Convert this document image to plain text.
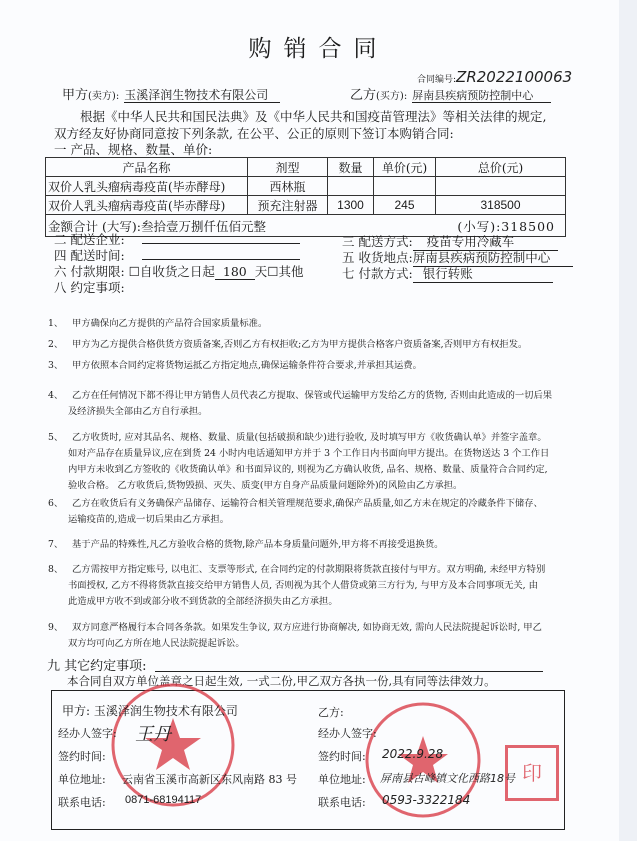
购销合同
合同编号:ZR2022100063
甲方(卖方): 玉溪泽润生物技术有限公司	乙方(买方): 屏南县疾病预防控制中心
根据《中华人民共和国民法典》及《中华人民共和国疫苗管理法》等相关法律的规定,
双方经友好协商同意按下列条款, 在公平、公正的原则下签订本购销合同:
一 产品、规格、数量、单价:
产品名称	剂型	数量	单价(元)	总价(元)
双价人乳头瘤病毒疫苗(毕赤酵母)	西林瓶			
双价人乳头瘤病毒疫苗(毕赤酵母)	预充注射器	1300	245	318500
金额合计 (大写):叁拾壹万捌仟伍佰元整 (小写):318500				
二 配送企业:
四 配送时间:
六 付款期限: ☐自收货之日起 180 天☐其他
八 约定事项:
三 配送方式: 疫苗专用冷藏车
五 收货地点:屏南县疾病预防控制中心
七 付款方式: 银行转账
1、 甲方确保向乙方提供的产品符合国家质量标准。
2、 甲方为乙方提供合格供货方资质备案,否则乙方有权拒收;乙方为甲方提供合格客户资质备案,否则甲方有权拒发。
3、 甲方依照本合同约定将货物运抵乙方指定地点,确保运输条件符合要求,并承担其运费。
4、 乙方在任何情况下都不得让甲方销售人员代表乙方提取、保管或代运输甲方发给乙方的货物, 否则由此造成的一切后果
及经济损失全部由乙方自行承担。
5、 乙方收货时, 应对其品名、规格、数量、质量(包括破损和缺少)进行验收, 及时填写甲方《收货确认单》并签字盖章。
如对产品存在质量异议,应在到货 24 小时内电话通知甲方并于 3 个工作日内书面向甲方提出。在货物送达 3 个工作日
内甲方未收到乙方签收的《收货确认单》和书面异议的, 则视为乙方确认收货, 品名、规格、数量、质量符合合同约定,
验收合格。 乙方收货后,货物毁损、灭失、质变(甲方自身产品质量问题除外)的风险由乙方承担。
6、 乙方在收货后有义务确保产品储存、运输符合相关管理规范要求,确保产品质量,如乙方未在规定的冷藏条件下储存、
运输疫苗的,造成一切后果由乙方承担。
7、 基于产品的特殊性,凡乙方验收合格的货物,除产品本身质量问题外,甲方将不再接受退换货。
8、 乙方需按甲方指定账号, 以电汇、支票等形式, 在合同约定的付款期限将货款直接付与甲方。双方明确, 未经甲方特别
书面授权, 乙方不得将货款直接交给甲方销售人员, 否则视为其个人借贷或第三方行为, 与甲方及本合同事项无关, 由
此造成甲方收不到或部分收不到货款的全部经济损失由乙方承担。
9、 双方同意严格履行本合同各条款。如果发生争议, 双方应进行协商解决, 如协商无效, 需向人民法院提起诉讼时, 甲乙
双方均可向乙方所在地人民法院提起诉讼。
九 其它约定事项:
本合同自双方单位盖章之日起生效, 一式二份,甲乙双方各执一份,具有同等法律效力。
印
甲方: 玉溪泽润生物技术有限公司
经办人签字: 王丹
签约时间:
单位地址: 云南省玉溪市高新区东风南路 83 号
联系电话: 0871-68194117
乙方:
经办人签字:
签约时间: 2022.9.28
单位地址: 屏南县古峰镇文化西路18号
联系电话: 0593-3322184
